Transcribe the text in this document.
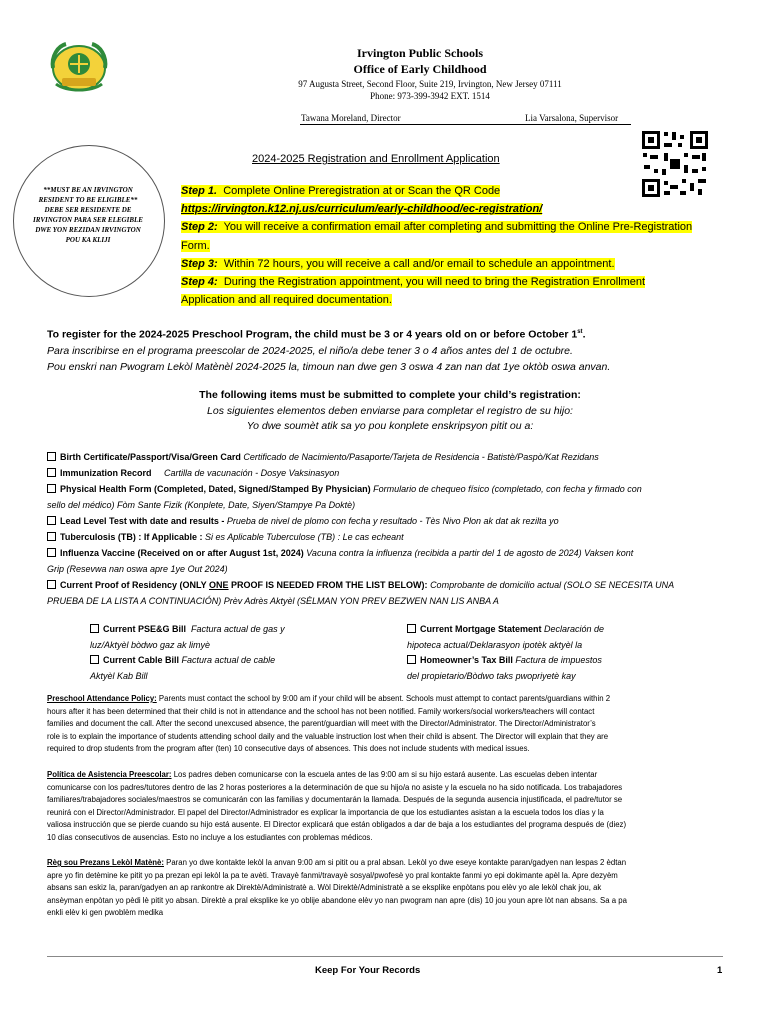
Irvington Public Schools
Office of Early Childhood
97 Augusta Street, Second Floor, Suite 219, Irvington, New Jersey 07111
Phone: 973-399-3942 EXT. 1514
Tawana Moreland, Director	Lia Varsalona, Supervisor
2024-2025 Registration and Enrollment Application
**MUST BE AN IRVINGTON RESIDENT TO BE ELIGIBLE** DEBE SER RESIDENTE DE IRVINGTON PARA SER ELEGIBLE DWE YON REZIDAN IRVINGTON POU KA KLIJI
Step 1. Complete Online Preregistration at or Scan the QR Code
https://irvington.k12.nj.us/curriculum/early-childhood/ec-registration/
Step 2: You will receive a confirmation email after completing and submitting the Online Pre-Registration
Form.
Step 3: Within 72 hours, you will receive a call and/or email to schedule an appointment.
Step 4: During the Registration appointment, you will need to bring the Registration Enrollment
Application and all required documentation.
To register for the 2024-2025 Preschool Program, the child must be 3 or 4 years old on or before October 1st.
Para inscribirse en el programa preescolar de 2024-2025, el niño/a debe tener 3 o 4 años antes del 1 de octubre.
Pou enskri nan Pwogram Lekòl Matènèl 2024-2025 la, timoun nan dwe gen 3 oswa 4 zan nan dat 1ye oktòb oswa anvan.
The following items must be submitted to complete your child’s registration:
Los siguientes elementos deben enviarse para completar el registro de su hijo:
Yo dwe soumèt atik sa yo pou konplete enskripsyon pitit ou a:
Birth Certificate/Passport/Visa/Green Card Certificado de Nacimiento/Pasaporte/Tarjeta de Residencia - Batistè/Paspò/Kat Rezidans
Immunization Record Cartilla de vacunación - Dosye Vaksinasyon
Physical Health Form (Completed, Dated, Signed/Stamped By Physician) Formulario de chequeo físico (completado, con fecha y firmado con
sello del médico) Fòm Sante Fizik (Konplete, Date, Siyen/Stampye Pa Doktè)
Lead Level Test with date and results - Prueba de nivel de plomo con fecha y resultado - Tès Nivo Plon ak dat ak rezilta yo
Tuberculosis (TB) : If Applicable : Si es Aplicable Tuberculose (TB) : Le cas echeant
Influenza Vaccine (Received on or after August 1st, 2024) Vacuna contra la influenza (recibida a partir del 1 de agosto de 2024) Vaksen kont
Grip (Resevwa nan oswa apre 1ye Out 2024)
Current Proof of Residency (ONLY ONE PROOF IS NEEDED FROM THE LIST BELOW): Comprobante de domicilio actual (SOLO SE NECESITA UNA
PRUEBA DE LA LISTA A CONTINUACIÓN) Prèv Adrès Aktyèl (SÈLMAN YON PREV BEZWEN NAN LIS ANBA A
Current PSE&G Bill Factura actual de gas y
luz/Aktyèl bòdwo gaz ak limyè
Current Cable Bill Factura actual de cable
Aktyèl Kab Bill
Current Mortgage Statement Declaración de
hipoteca actual/Deklarasyon ipotèk aktyèl la
Homeowner’s Tax Bill Factura de impuestos
del propietario/Bòdwo taks pwopriyetè kay
Preschool Attendance Policy: Parents must contact the school by 9:00 am if your child will be absent. Schools must attempt to contact parents/guardians within 2
hours after it has been determined that their child is not in attendance and the school has not been notified. Family workers/social workers/teachers will contact
families and document the call. After the second unexcused absence, the parent/guardian will meet with the Director/Administrator. The Director/Administrator’s
role is to explain the importance of students attending school daily and the valuable instruction lost when their child is absent. The Director will explain that they are
required to drop students from the program after (ten) 10 consecutive days of absences. This does not include students with medical issues.
Política de Asistencia Preescolar: Los padres deben comunicarse con la escuela antes de las 9:00 am si su hijo estará ausente. Las escuelas deben intentar
comunicarse con los padres/tutores dentro de las 2 horas posteriores a la determinación de que su hijo/a no asiste y la escuela no ha sido notificada. Los trabajadores
familiares/trabajadores sociales/maestros se comunicarán con las familias y documentarán la llamada. Después de la segunda ausencia injustificada, el padre/tutor se
reunirá con el Director/Administrador. El papel del Director/Administrador es explicar la importancia de que los estudiantes asistan a la escuela todos los días y la
valiosa instrucción que se pierde cuando su hijo está ausente. El Director explicará que están obligados a dar de baja a los estudiantes del programa después de (diez)
10 días consecutivos de ausencias. Esto no incluye a los estudiantes con problemas médicos.
Règ sou Prezans Lekòl Matènè: Paran yo dwe kontakte lekòl la anvan 9:00 am si pitit ou a pral absan. Lekòl yo dwe eseye kontakte paran/gadyen nan lespas 2 èdtan
apre yo fin detèmine ke pitit yo pa prezan epi lekòl la pa te avèti. Travayè fanmi/travayè sosyal/pwofesè yo pral kontakte fanmi yo epi dokimante apèl la. Apre dezyèm
absans san eskiz la, paran/gadyen an ap rankontre ak Direktè/Administratè a. Wòl Direktè/Administratè a se eksplike enpòtans pou elèv yo ale lekòl chak jou, ak
ansèyman enpòtan yo pèdi lè pitit yo absan. Direktè a pral eksplike ke yo oblije abandone elèv yo nan pwogram nan apre (dis) 10 jou youn apre lòt nan absans. Sa a pa
enkli elèv ki gen pwoblèm medika
Keep For Your Records	1
